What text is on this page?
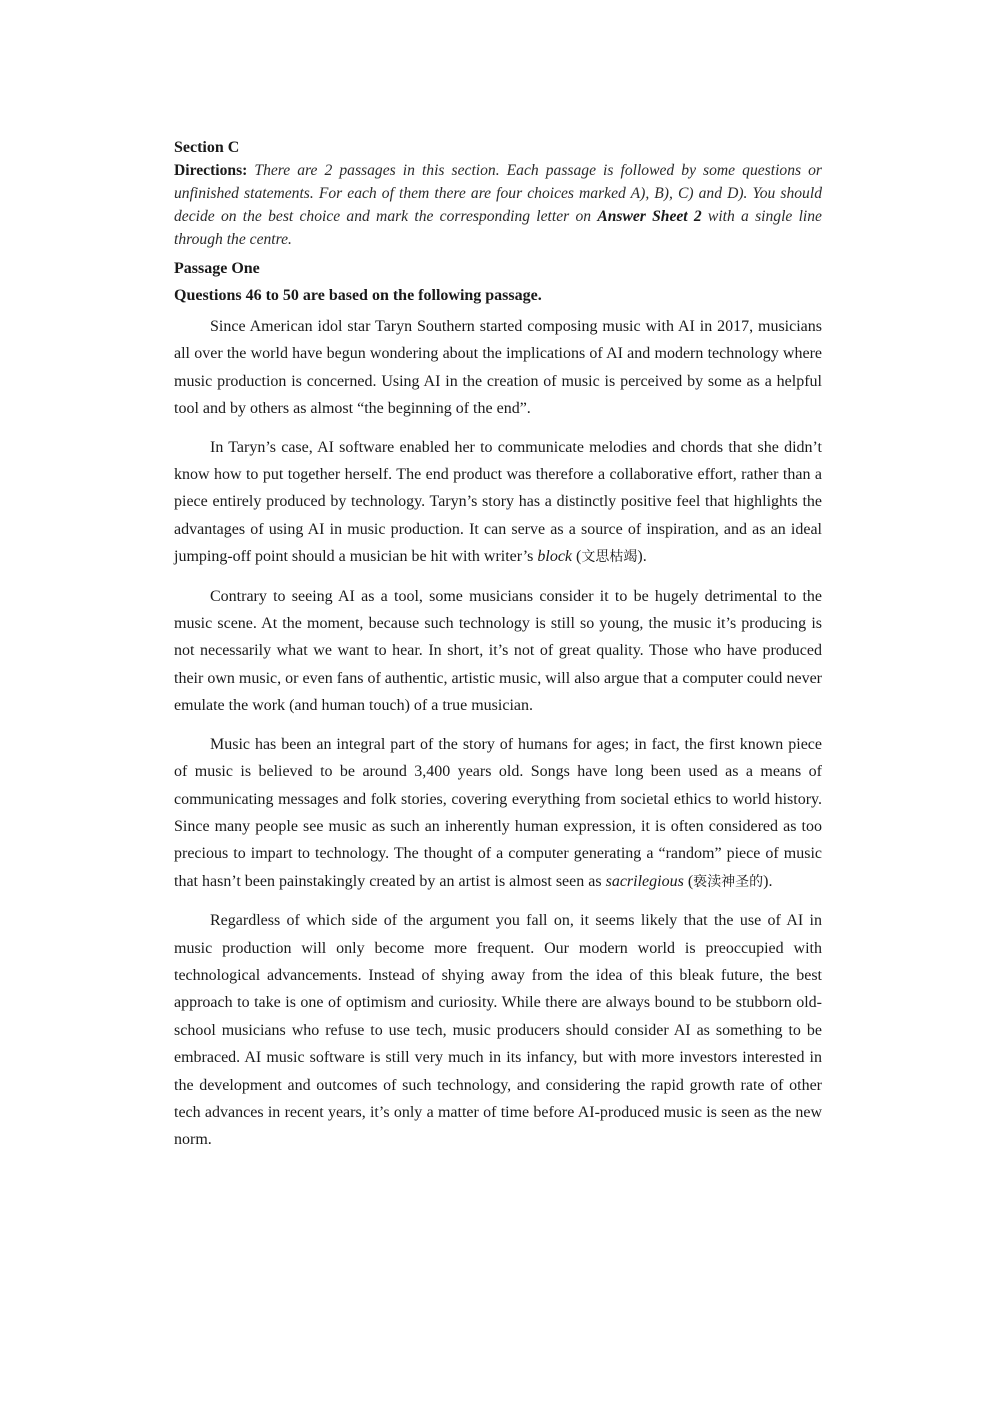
Section C

Directions: There are 2 passages in this section. Each passage is followed by some questions or unfinished statements. For each of them there are four choices marked A), B), C) and D). You should decide on the best choice and mark the corresponding letter on Answer Sheet 2 with a single line through the centre.

Passage One

Questions 46 to 50 are based on the following passage.

Since American idol star Taryn Southern started composing music with AI in 2017, musicians all over the world have begun wondering about the implications of AI and modern technology where music production is concerned. Using AI in the creation of music is perceived by some as a helpful tool and by others as almost “the beginning of the end”.

In Taryn’s case, AI software enabled her to communicate melodies and chords that she didn’t know how to put together herself. The end product was therefore a collaborative effort, rather than a piece entirely produced by technology. Taryn’s story has a distinctly positive feel that highlights the advantages of using AI in music production. It can serve as a source of inspiration, and as an ideal jumping-off point should a musician be hit with writer’s block (文思枯竭).

Contrary to seeing AI as a tool, some musicians consider it to be hugely detrimental to the music scene. At the moment, because such technology is still so young, the music it’s producing is not necessarily what we want to hear. In short, it’s not of great quality. Those who have produced their own music, or even fans of authentic, artistic music, will also argue that a computer could never emulate the work (and human touch) of a true musician.

Music has been an integral part of the story of humans for ages; in fact, the first known piece of music is believed to be around 3,400 years old. Songs have long been used as a means of communicating messages and folk stories, covering everything from societal ethics to world history. Since many people see music as such an inherently human expression, it is often considered as too precious to impart to technology. The thought of a computer generating a “random” piece of music that hasn’t been painstakingly created by an artist is almost seen as sacrilegious (亵渎神圣的).

Regardless of which side of the argument you fall on, it seems likely that the use of AI in music production will only become more frequent. Our modern world is preoccupied with technological advancements. Instead of shying away from the idea of this bleak future, the best approach to take is one of optimism and curiosity. While there are always bound to be stubborn old-school musicians who refuse to use tech, music producers should consider AI as something to be embraced. AI music software is still very much in its infancy, but with more investors interested in the development and outcomes of such technology, and considering the rapid growth rate of other tech advances in recent years, it’s only a matter of time before AI-produced music is seen as the new norm.
